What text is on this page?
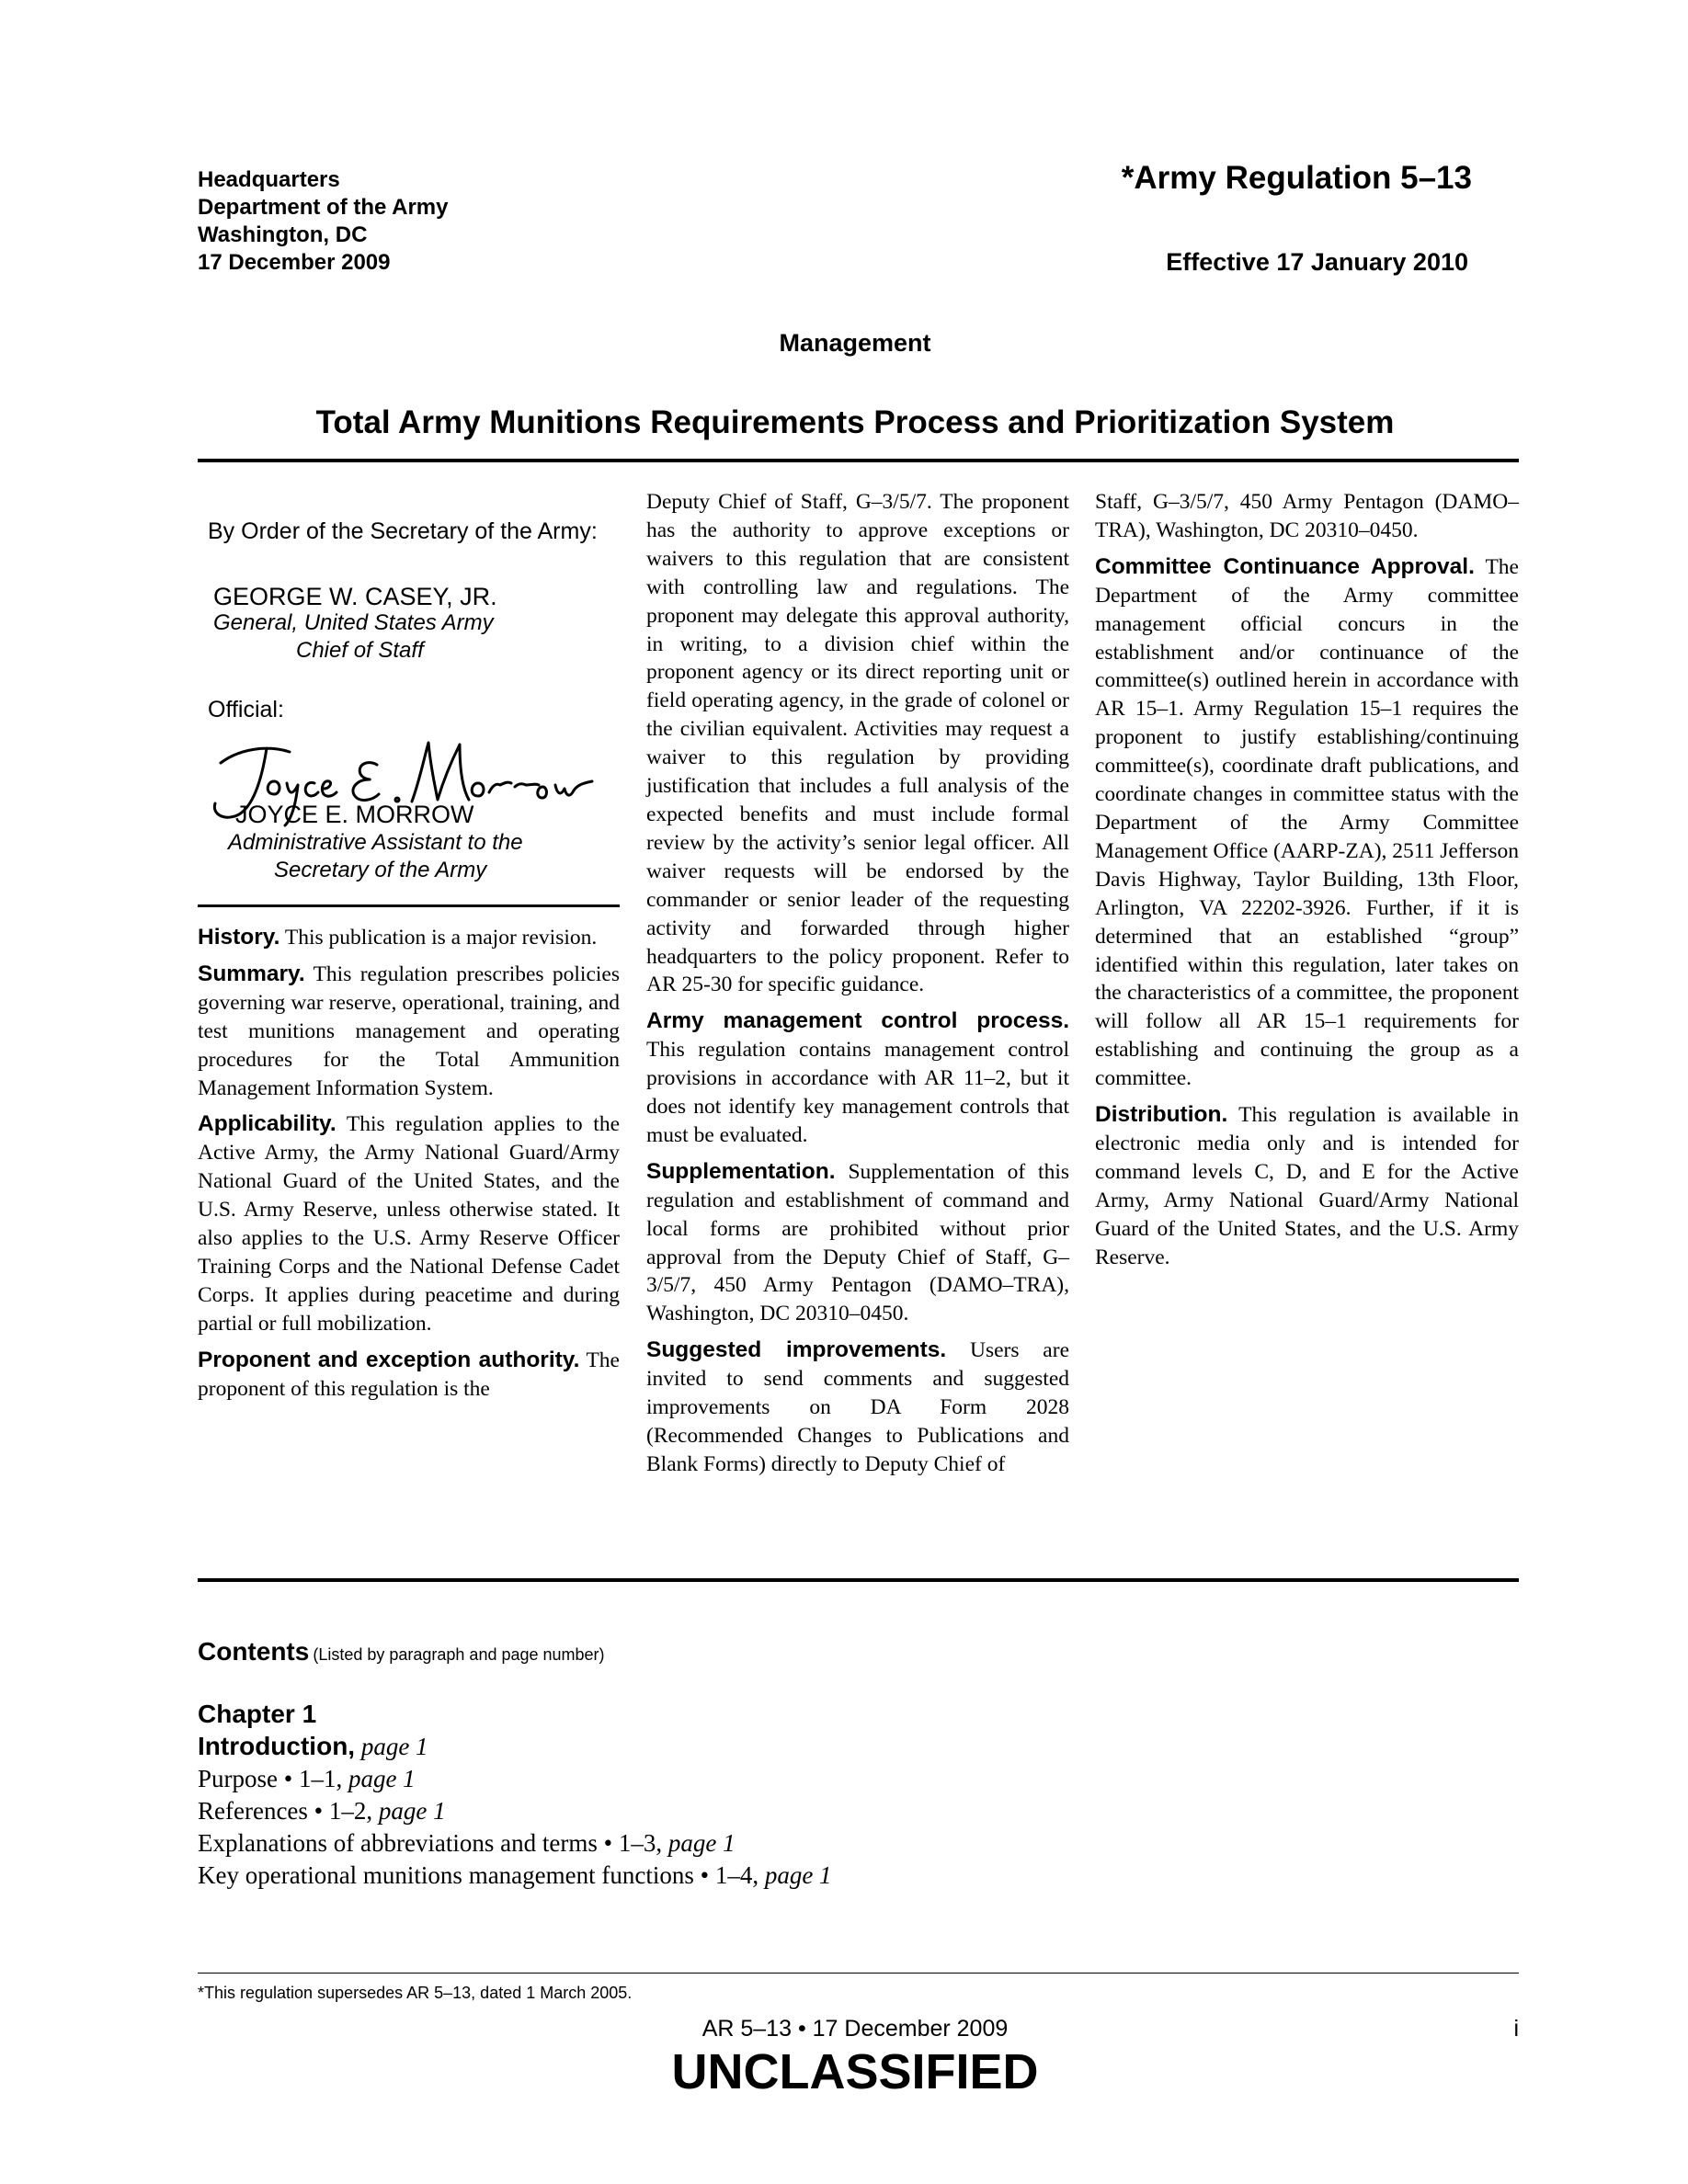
Headquarters
Department of the Army
Washington, DC
17 December 2009
*Army Regulation 5–13
Effective 17 January 2010
Management
Total Army Munitions Requirements Process and Prioritization System
By Order of the Secretary of the Army:
GEORGE W. CASEY, JR.
General, United States Army
Chief of Staff
Official:
JOYCE E. MORROW
Administrative Assistant to the
Secretary of the Army

History. This publication is a major revision.

Summary. This regulation prescribes policies governing war reserve, operational, training, and test munitions management and operating procedures for the Total Ammunition Management Information System.

Applicability. This regulation applies to the Active Army, the Army National Guard/Army National Guard of the United States, and the U.S. Army Reserve, unless otherwise stated. It also applies to the U.S. Army Reserve Officer Training Corps and the National Defense Cadet Corps. It applies during peacetime and during partial or full mobilization.

Proponent and exception authority. The proponent of this regulation is the

Deputy Chief of Staff, G–3/5/7. The proponent has the authority to approve exceptions or waivers to this regulation that are consistent with controlling law and regulations. The proponent may delegate this approval authority, in writing, to a division chief within the proponent agency or its direct reporting unit or field operating agency, in the grade of colonel or the civilian equivalent. Activities may request a waiver to this regulation by providing justification that includes a full analysis of the expected benefits and must include formal review by the activity’s senior legal officer. All waiver requests will be endorsed by the commander or senior leader of the requesting activity and forwarded through higher headquarters to the policy proponent. Refer to AR 25-30 for specific guidance.

Army management control process. This regulation contains management control provisions in accordance with AR 11–2, but it does not identify key management controls that must be evaluated.

Supplementation. Supplementation of this regulation and establishment of command and local forms are prohibited without prior approval from the Deputy Chief of Staff, G–3/5/7, 450 Army Pentagon (DAMO–TRA), Washington, DC 20310–0450.

Suggested improvements. Users are invited to send comments and suggested improvements on DA Form 2028 (Recommended Changes to Publications and Blank Forms) directly to Deputy Chief of

Staff, G–3/5/7, 450 Army Pentagon (DAMO–TRA), Washington, DC 20310–0450.

Committee Continuance Approval. The Department of the Army committee management official concurs in the establishment and/or continuance of the committee(s) outlined herein in accordance with AR 15–1. Army Regulation 15–1 requires the proponent to justify establishing/continuing committee(s), coordinate draft publications, and coordinate changes in committee status with the Department of the Army Committee Management Office (AARP-ZA), 2511 Jefferson Davis Highway, Taylor Building, 13th Floor, Arlington, VA 22202-3926. Further, if it is determined that an established “group” identified within this regulation, later takes on the characteristics of a committee, the proponent will follow all AR 15–1 requirements for establishing and continuing the group as a committee.

Distribution. This regulation is available in electronic media only and is intended for command levels C, D, and E for the Active Army, Army National Guard/Army National Guard of the United States, and the U.S. Army Reserve.

Contents (Listed by paragraph and page number)
Chapter 1
Introduction, page 1
Purpose • 1–1, page 1
References • 1–2, page 1
Explanations of abbreviations and terms • 1–3, page 1
Key operational munitions management functions • 1–4, page 1
*This regulation supersedes AR 5–13, dated 1 March 2005.
AR 5–13 • 17 December 2009	i
UNCLASSIFIED
